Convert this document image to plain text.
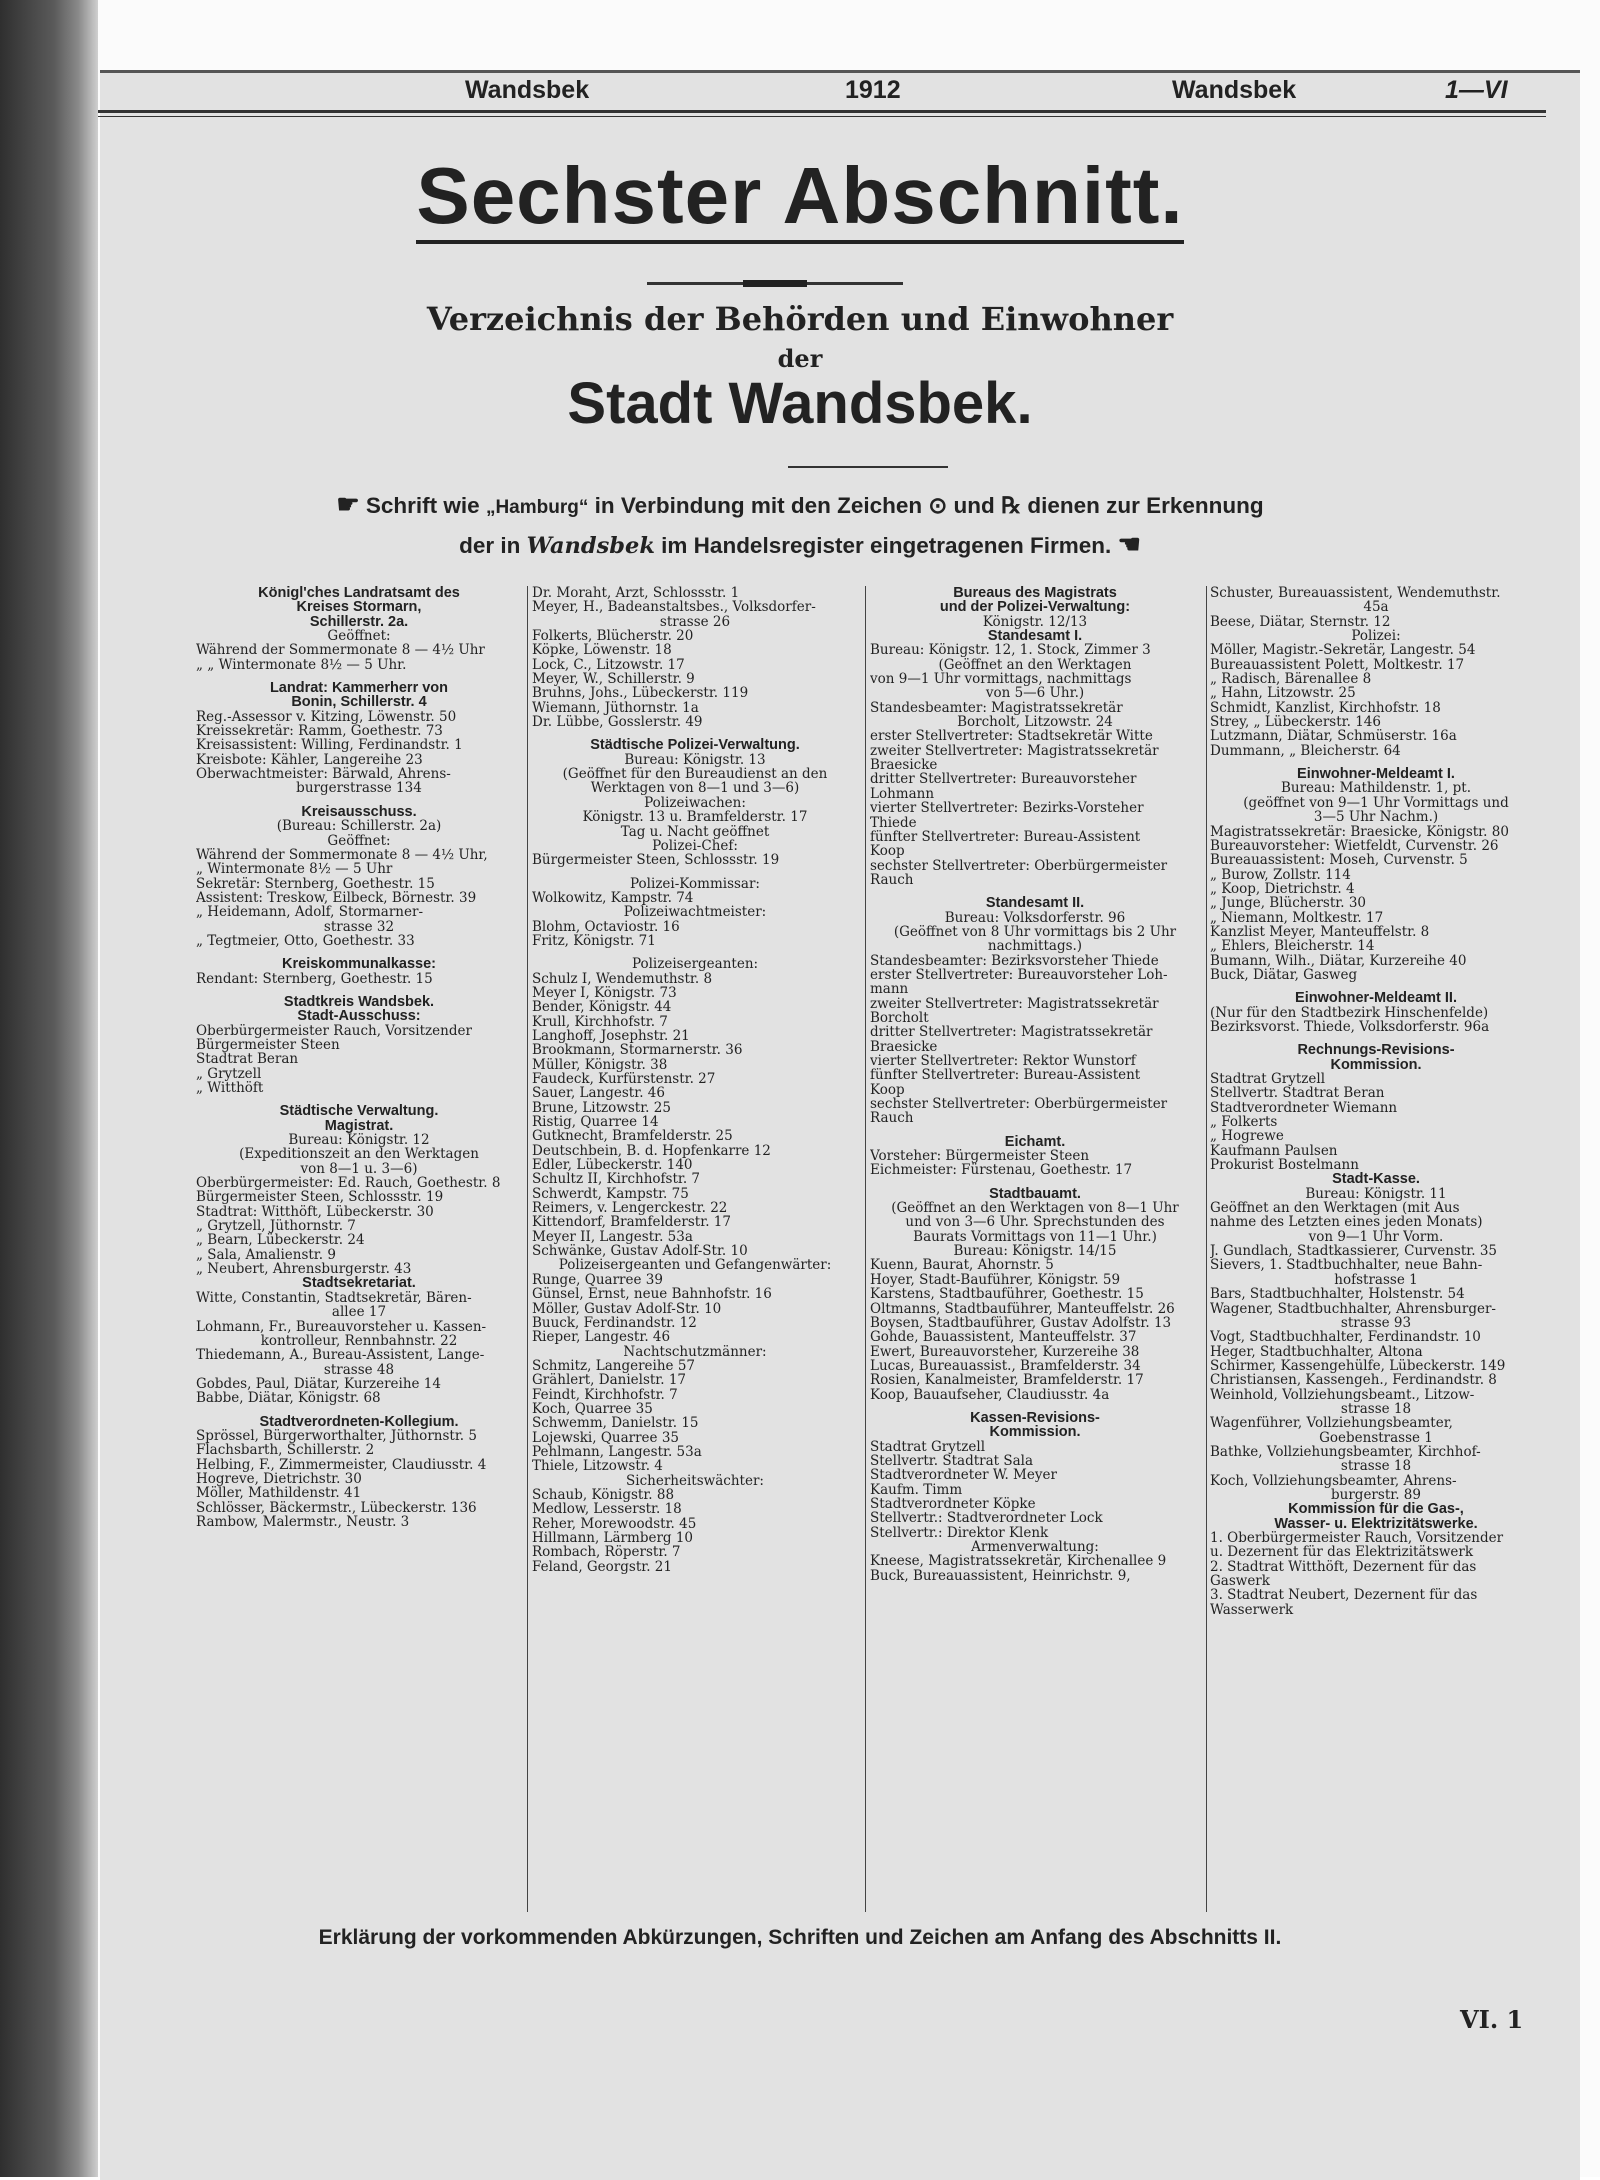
Wandsbek	1912	Wandsbek	1—VI
Sechster Abschnitt.
Verzeichnis der Behörden und Einwohner
der
Stadt Wandsbek.
☛ Schrift wie „Hamburg“ in Verbindung mit den Zeichen ⊙ und ℞ dienen zur Erkennung
der in Wandsbek im Handelsregister eingetragenen Firmen. ☚
Königl'ches Landratsamt des
Kreises Stormarn,
Schillerstr. 2a.
Geöffnet:
Während der Sommermonate 8 — 4½ Uhr
„ „ Wintermonate 8½ — 5 Uhr.
Landrat: Kammerherr von
Bonin, Schillerstr. 4
Reg.-Assessor v. Kitzing, Löwenstr. 50
Kreissekretär: Ramm, Goethestr. 73
Kreisassistent: Willing, Ferdinandstr. 1
Kreisbote: Kähler, Langereihe 23
Oberwachtmeister: Bärwald, Ahrens-
burgerstrasse 134
Kreisausschuss.
(Bureau: Schillerstr. 2a)
Geöffnet:
Während der Sommermonate 8 — 4½ Uhr,
„ Wintermonate 8½ — 5 Uhr
Sekretär: Sternberg, Goethestr. 15
Assistent: Treskow, Eilbeck, Börnestr. 39
„ Heidemann, Adolf, Stormarner-
strasse 32
„ Tegtmeier, Otto, Goethestr. 33
Kreiskommunalkasse:
Rendant: Sternberg, Goethestr. 15
Stadtkreis Wandsbek.
Stadt-Ausschuss:
Oberbürgermeister Rauch, Vorsitzender
Bürgermeister Steen
Stadtrat Beran
„ Grytzell
„ Witthöft
Städtische Verwaltung.
Magistrat.
Bureau: Königstr. 12
(Expeditionszeit an den Werktagen
von 8—1 u. 3—6)
Oberbürgermeister: Ed. Rauch, Goethestr. 8
Bürgermeister Steen, Schlossstr. 19
Stadtrat: Witthöft, Lübeckerstr. 30
„ Grytzell, Jüthornstr. 7
„ Bearn, Lübeckerstr. 24
„ Sala, Amalienstr. 9
„ Neubert, Ahrensburgerstr. 43
Stadtsekretariat.
Witte, Constantin, Stadtsekretär, Bären-
allee 17
Lohmann, Fr., Bureauvorsteher u. Kassen-
kontrolleur, Rennbahnstr. 22
Thiedemann, A., Bureau-Assistent, Lange-
strasse 48
Gobdes, Paul, Diätar, Kurzereihe 14
Babbe, Diätar, Königstr. 68
Stadtverordneten-Kollegium.
Sprössel, Bürgerworthalter, Jüthornstr. 5
Flachsbarth, Schillerstr. 2
Helbing, F., Zimmermeister, Claudiusstr. 4
Hogreve, Dietrichstr. 30
Möller, Mathildenstr. 41
Schlösser, Bäckermstr., Lübeckerstr. 136
Rambow, Malermstr., Neustr. 3
Dr. Moraht, Arzt, Schlossstr. 1
Meyer, H., Badeanstaltsbes., Volksdorfer-
strasse 26
Folkerts, Blücherstr. 20
Köpke, Löwenstr. 18
Lock, C., Litzowstr. 17
Meyer, W., Schillerstr. 9
Bruhns, Johs., Lübeckerstr. 119
Wiemann, Jüthornstr. 1a
Dr. Lübbe, Gosslerstr. 49
Städtische Polizei-Verwaltung.
Bureau: Königstr. 13
(Geöffnet für den Bureaudienst an den
Werktagen von 8—1 und 3—6)
Polizeiwachen:
Königstr. 13 u. Bramfelderstr. 17
Tag u. Nacht geöffnet
Polizei-Chef:
Bürgermeister Steen, Schlossstr. 19
Polizei-Kommissar:
Wolkowitz, Kampstr. 74
Polizeiwachtmeister:
Blohm, Octaviostr. 16
Fritz, Königstr. 71
Polizeisergeanten:
Schulz I, Wendemuthstr. 8
Meyer I, Königstr. 73
Bender, Königstr. 44
Krull, Kirchhofstr. 7
Langhoff, Josephstr. 21
Brookmann, Stormarnerstr. 36
Müller, Königstr. 38
Faudeck, Kurfürstenstr. 27
Sauer, Langestr. 46
Brune, Litzowstr. 25
Ristig, Quarree 14
Gutknecht, Bramfelderstr. 25
Deutschbein, B. d. Hopfenkarre 12
Edler, Lübeckerstr. 140
Schultz II, Kirchhofstr. 7
Schwerdt, Kampstr. 75
Reimers, v. Lengerckestr. 22
Kittendorf, Bramfelderstr. 17
Meyer II, Langestr. 53a
Schwänke, Gustav Adolf-Str. 10
Polizeisergeanten und Gefangenwärter:
Runge, Quarree 39
Günsel, Ernst, neue Bahnhofstr. 16
Möller, Gustav Adolf-Str. 10
Buuck, Ferdinandstr. 12
Rieper, Langestr. 46
Nachtschutzmänner:
Schmitz, Langereihe 57
Grählert, Danielstr. 17
Feindt, Kirchhofstr. 7
Koch, Quarree 35
Schwemm, Danielstr. 15
Lojewski, Quarree 35
Pehlmann, Langestr. 53a
Thiele, Litzowstr. 4
Sicherheitswächter:
Schaub, Königstr. 88
Medlow, Lesserstr. 18
Reher, Morewoodstr. 45
Hillmann, Lärmberg 10
Rombach, Röperstr. 7
Feland, Georgstr. 21
Bureaus des Magistrats
und der Polizei-Verwaltung:
Königstr. 12/13
Standesamt I.
Bureau: Königstr. 12, 1. Stock, Zimmer 3
(Geöffnet an den Werktagen
von 9—1 Uhr vormittags, nachmittags
von 5—6 Uhr.)
Standesbeamter: Magistratssekretär
Borcholt, Litzowstr. 24
erster Stellvertreter: Stadtsekretär Witte
zweiter Stellvertreter: Magistratssekretär
Braesicke
dritter Stellvertreter: Bureauvorsteher
Lohmann
vierter Stellvertreter: Bezirks-Vorsteher
Thiede
fünfter Stellvertreter: Bureau-Assistent
Koop
sechster Stellvertreter: Oberbürgermeister
Rauch
Standesamt II.
Bureau: Volksdorferstr. 96
(Geöffnet von 8 Uhr vormittags bis 2 Uhr
nachmittags.)
Standesbeamter: Bezirksvorsteher Thiede
erster Stellvertreter: Bureauvorsteher Loh-
mann
zweiter Stellvertreter: Magistratssekretär
Borcholt
dritter Stellvertreter: Magistratssekretär
Braesicke
vierter Stellvertreter: Rektor Wunstorf
fünfter Stellvertreter: Bureau-Assistent
Koop
sechster Stellvertreter: Oberbürgermeister
Rauch
Eichamt.
Vorsteher: Bürgermeister Steen
Eichmeister: Fürstenau, Goethestr. 17
Stadtbauamt.
(Geöffnet an den Werktagen von 8—1 Uhr
und von 3—6 Uhr. Sprechstunden des
Baurats Vormittags von 11—1 Uhr.)
Bureau: Königstr. 14/15
Kuenn, Baurat, Ahornstr. 5
Hoyer, Stadt-Bauführer, Königstr. 59
Karstens, Stadtbauführer, Goethestr. 15
Oltmanns, Stadtbauführer, Manteuffelstr. 26
Boysen, Stadtbauführer, Gustav Adolfstr. 13
Gohde, Bauassistent, Manteuffelstr. 37
Ewert, Bureauvorsteher, Kurzereihe 38
Lucas, Bureauassist., Bramfelderstr. 34
Rosien, Kanalmeister, Bramfelderstr. 17
Koop, Bauaufseher, Claudiusstr. 4a
Kassen-Revisions-
Kommission.
Stadtrat Grytzell
Stellvertr. Stadtrat Sala
Stadtverordneter W. Meyer
Kaufm. Timm
Stadtverordneter Köpke
Stellvertr.: Stadtverordneter Lock
Stellvertr.: Direktor Klenk
Armenverwaltung:
Kneese, Magistratssekretär, Kirchenallee 9
Buck, Bureauassistent, Heinrichstr. 9,
Schuster, Bureauassistent, Wendemuthstr.
45a
Beese, Diätar, Sternstr. 12
Polizei:
Möller, Magistr.-Sekretär, Langestr. 54
Bureauassistent Polett, Moltkestr. 17
„ Radisch, Bärenallee 8
„ Hahn, Litzowstr. 25
Schmidt, Kanzlist, Kirchhofstr. 18
Strey, „ Lübeckerstr. 146
Lutzmann, Diätar, Schmüserstr. 16a
Dummann, „ Bleicherstr. 64
Einwohner-Meldeamt I.
Bureau: Mathildenstr. 1, pt.
(geöffnet von 9—1 Uhr Vormittags und
3—5 Uhr Nachm.)
Magistratssekretär: Braesicke, Königstr. 80
Bureauvorsteher: Wietfeldt, Curvenstr. 26
Bureauassistent: Moseh, Curvenstr. 5
„ Burow, Zollstr. 114
„ Koop, Dietrichstr. 4
„ Junge, Blücherstr. 30
„ Niemann, Moltkestr. 17
Kanzlist Meyer, Manteuffelstr. 8
„ Ehlers, Bleicherstr. 14
Bumann, Wilh., Diätar, Kurzereihe 40
Buck, Diätar, Gasweg
Einwohner-Meldeamt II.
(Nur für den Stadtbezirk Hinschenfelde)
Bezirksvorst. Thiede, Volksdorferstr. 96a
Rechnungs-Revisions-
Kommission.
Stadtrat Grytzell
Stellvertr. Stadtrat Beran
Stadtverordneter Wiemann
„ Folkerts
„ Hogrewe
Kaufmann Paulsen
Prokurist Bostelmann
Stadt-Kasse.
Bureau: Königstr. 11
Geöffnet an den Werktagen (mit Aus
nahme des Letzten eines jeden Monats)
von 9—1 Uhr Vorm.
J. Gundlach, Stadtkassierer, Curvenstr. 35
Sievers, 1. Stadtbuchhalter, neue Bahn-
hofstrasse 1
Bars, Stadtbuchhalter, Holstenstr. 54
Wagener, Stadtbuchhalter, Ahrensburger-
strasse 93
Vogt, Stadtbuchhalter, Ferdinandstr. 10
Heger, Stadtbuchhalter, Altona
Schirmer, Kassengehülfe, Lübeckerstr. 149
Christiansen, Kassengeh., Ferdinandstr. 8
Weinhold, Vollziehungsbeamt., Litzow-
strasse 18
Wagenführer, Vollziehungsbeamter,
Goebenstrasse 1
Bathke, Vollziehungsbeamter, Kirchhof-
strasse 18
Koch, Vollziehungsbeamter, Ahrens-
burgerstr. 89
Kommission für die Gas-,
Wasser- u. Elektrizitätswerke.
1. Oberbürgermeister Rauch, Vorsitzender
u. Dezernent für das Elektrizitätswerk
2. Stadtrat Witthöft, Dezernent für das
Gaswerk
3. Stadtrat Neubert, Dezernent für das
Wasserwerk
Erklärung der vorkommenden Abkürzungen, Schriften und Zeichen am Anfang des Abschnitts II.
VI. 1
